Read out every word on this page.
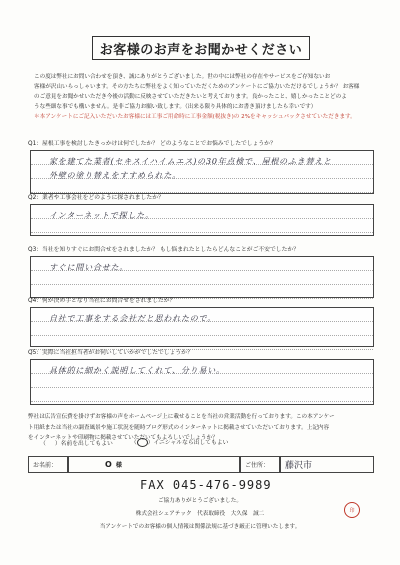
お客様のお声をお聞かせください

この度は弊社にお問い合わせを頂き、誠にありがとうございました。世の中には弊社の存在やサービスをご存知ないお

客様が沢山いらっしゃいます。その方たちに弊社をよく知っていただくためのアンケートにご協力いただけるでしょうか？ お客様

のご意見をお聞かせいただき今後の活動に反映させていただきたいと考えております。良かったこと、嬉しかったことどのよ

うな些細な事でも構いません。是非ご協力お願い致します。（出来る限り具体的にお書き頂けましたら幸いです）

＊本アンケートにご記入いただいたお客様には工事ご用命時に工事金額(税抜き)の 2%をキャッシュバックさせていただきます。

Q1：屋根工事を検討したきっかけは何でしたか？ どのようなことでお悩みでしたでしょうか？
家を建てた業者(セキスイハイムエス)の30年点検で、屋根のふき替えと
外壁の塗り替えをすすめられた。
Q2：業者や工事会社をどのように探されましたか？
インターネットで探した。
Q3：当社を知りすぐにお問合せをされましたか？ もし悩まれたとしたらどんなことがご不安でしたか？
すぐに問い合せた。
Q4：何が決め手となり当社にお問合せをされましたか？
自社で工事をする会社だと思われたので。
Q5：実際に当社担当者がお伺いしていかがでしたでしょうか？
具体的に細かく説明してくれて、分り易い。

弊社は広告宣伝費を掛けずお客様の声をホームページ上に載せることを当社の営業活動を行っております。この本アンケー

ト用紙または当社の調査風景や施工状況を随時ブログ形式のインターネットに掲載させていただいております。上記内容

をインターネットや印刷物に掲載させていただいてもよろしいでしょうか？

（ ）名前を出してもよい	（○）イニシャルなら出してもよい
お名前：	O 様	ご住所：	藤沢市
FAX 045-476-9989
ご協力ありがとうございました。
株式会社シェアテック　代表取締役　大久保　誠二
印
当アンケートでのお客様の個人情報は関係法規に基づき厳正に管理いたします。
